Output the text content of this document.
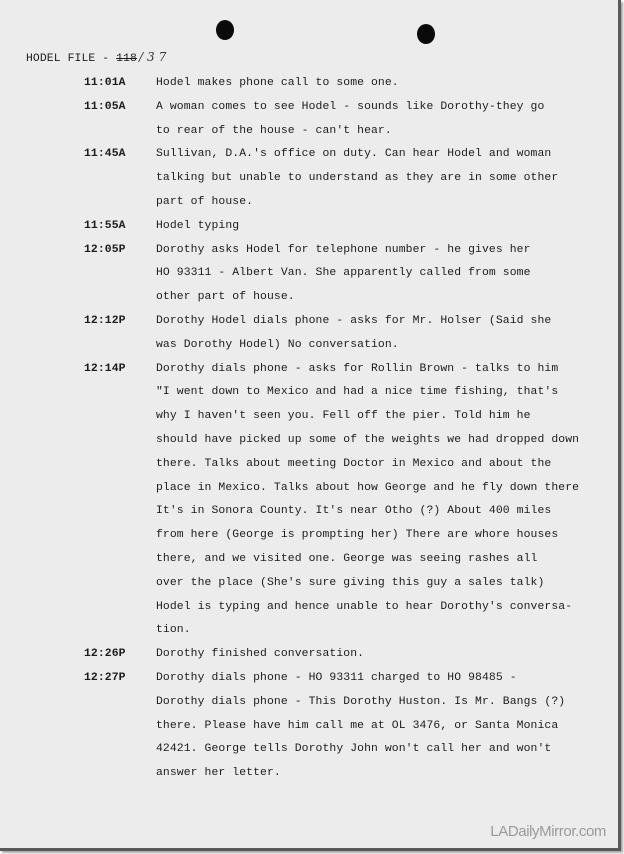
HODEL FILE - 118 / 3 7
11:01A	Hodel makes phone call to some one.
11:05A	A woman comes to see Hodel - sounds like Dorothy-they go
to rear of the house - can't hear.
11:45A	Sullivan, D.A.'s office on duty. Can hear Hodel and woman
talking but unable to understand as they are in some other
part of house.
11:55A	Hodel typing
12:05P	Dorothy asks Hodel for telephone number - he gives her
HO 93311 - Albert Van. She apparently called from some
other part of house.
12:12P	Dorothy Hodel dials phone - asks for Mr. Holser (Said she
was Dorothy Hodel) No conversation.
12:14P	Dorothy dials phone - asks for Rollin Brown - talks to him
"I went down to Mexico and had a nice time fishing, that's
why I haven't seen you. Fell off the pier. Told him he
should have picked up some of the weights we had dropped down
there. Talks about meeting Doctor in Mexico and about the
place in Mexico. Talks about how George and he fly down there
It's in Sonora County. It's near Otho (?) About 400 miles
from here (George is prompting her) There are whore houses
there, and we visited one. George was seeing rashes all
over the place (She's sure giving this guy a sales talk)
Hodel is typing and hence unable to hear Dorothy's conversa-
tion.
12:26P	Dorothy finished conversation.
12:27P	Dorothy dials phone - HO 93311 charged to HO 98485 -
Dorothy dials phone - This Dorothy Huston. Is Mr. Bangs (?)
there. Please have him call me at OL 3476, or Santa Monica
42421. George tells Dorothy John won't call her and won't
answer her letter.
LADailyMirror.com
